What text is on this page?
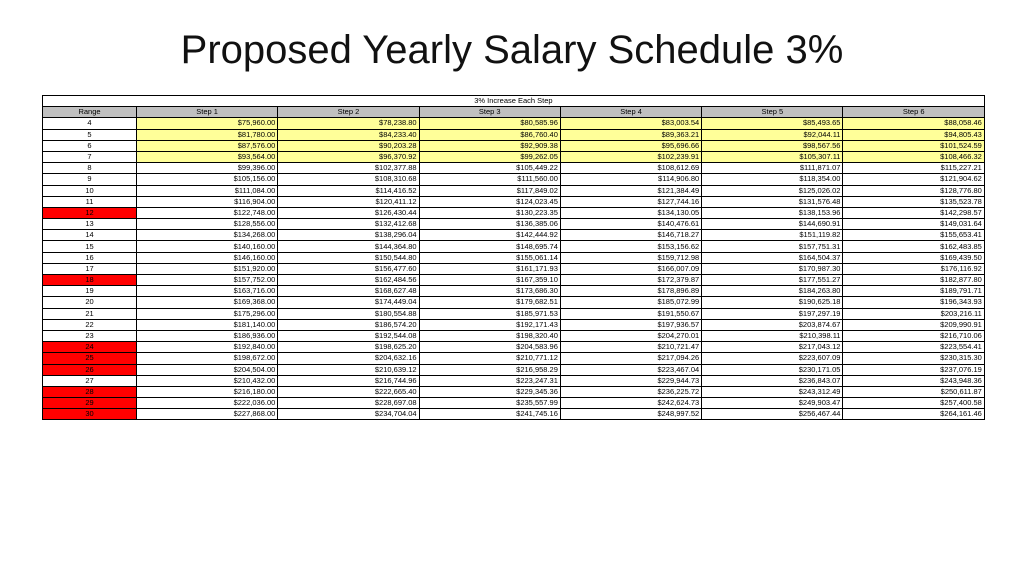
Proposed Yearly Salary Schedule 3%
3% Increase Each Step						
Range	Step 1	Step 2	Step 3	Step 4	Step 5	Step 6
4	$75,960.00	$78,238.80	$80,585.96	$83,003.54	$85,493.65	$88,058.46
5	$81,780.00	$84,233.40	$86,760.40	$89,363.21	$92,044.11	$94,805.43
6	$87,576.00	$90,203.28	$92,909.38	$95,696.66	$98,567.56	$101,524.59
7	$93,564.00	$96,370.92	$99,262.05	$102,239.91	$105,307.11	$108,466.32
8	$99,396.00	$102,377.88	$105,449.22	$108,612.69	$111,871.07	$115,227.21
9	$105,156.00	$108,310.68	$111,560.00	$114,906.80	$118,354.00	$121,904.62
10	$111,084.00	$114,416.52	$117,849.02	$121,384.49	$125,026.02	$128,776.80
11	$116,904.00	$120,411.12	$124,023.45	$127,744.16	$131,576.48	$135,523.78
12	$122,748.00	$126,430.44	$130,223.35	$134,130.05	$138,153.96	$142,298.57
13	$128,556.00	$132,412.68	$136,385.06	$140,476.61	$144,690.91	$149,031.64
14	$134,268.00	$138,296.04	$142,444.92	$146,718.27	$151,119.82	$155,653.41
15	$140,160.00	$144,364.80	$148,695.74	$153,156.62	$157,751.31	$162,483.85
16	$146,160.00	$150,544.80	$155,061.14	$159,712.98	$164,504.37	$169,439.50
17	$151,920.00	$156,477.60	$161,171.93	$166,007.09	$170,987.30	$176,116.92
18	$157,752.00	$162,484.56	$167,359.10	$172,379.87	$177,551.27	$182,877.80
19	$163,716.00	$168,627.48	$173,686.30	$178,896.89	$184,263.80	$189,791.71
20	$169,368.00	$174,449.04	$179,682.51	$185,072.99	$190,625.18	$196,343.93
21	$175,296.00	$180,554.88	$185,971.53	$191,550.67	$197,297.19	$203,216.11
22	$181,140.00	$186,574.20	$192,171.43	$197,936.57	$203,874.67	$209,990.91
23	$186,936.00	$192,544.08	$198,320.40	$204,270.01	$210,398.11	$216,710.06
24	$192,840.00	$198,625.20	$204,583.96	$210,721.47	$217,043.12	$223,554.41
25	$198,672.00	$204,632.16	$210,771.12	$217,094.26	$223,607.09	$230,315.30
26	$204,504.00	$210,639.12	$216,958.29	$223,467.04	$230,171.05	$237,076.19
27	$210,432.00	$216,744.96	$223,247.31	$229,944.73	$236,843.07	$243,948.36
28	$216,180.00	$222,665.40	$229,345.36	$236,225.72	$243,312.49	$250,611.87
29	$222,036.00	$228,697.08	$235,557.99	$242,624.73	$249,903.47	$257,400.58
30	$227,868.00	$234,704.04	$241,745.16	$248,997.52	$256,467.44	$264,161.46
